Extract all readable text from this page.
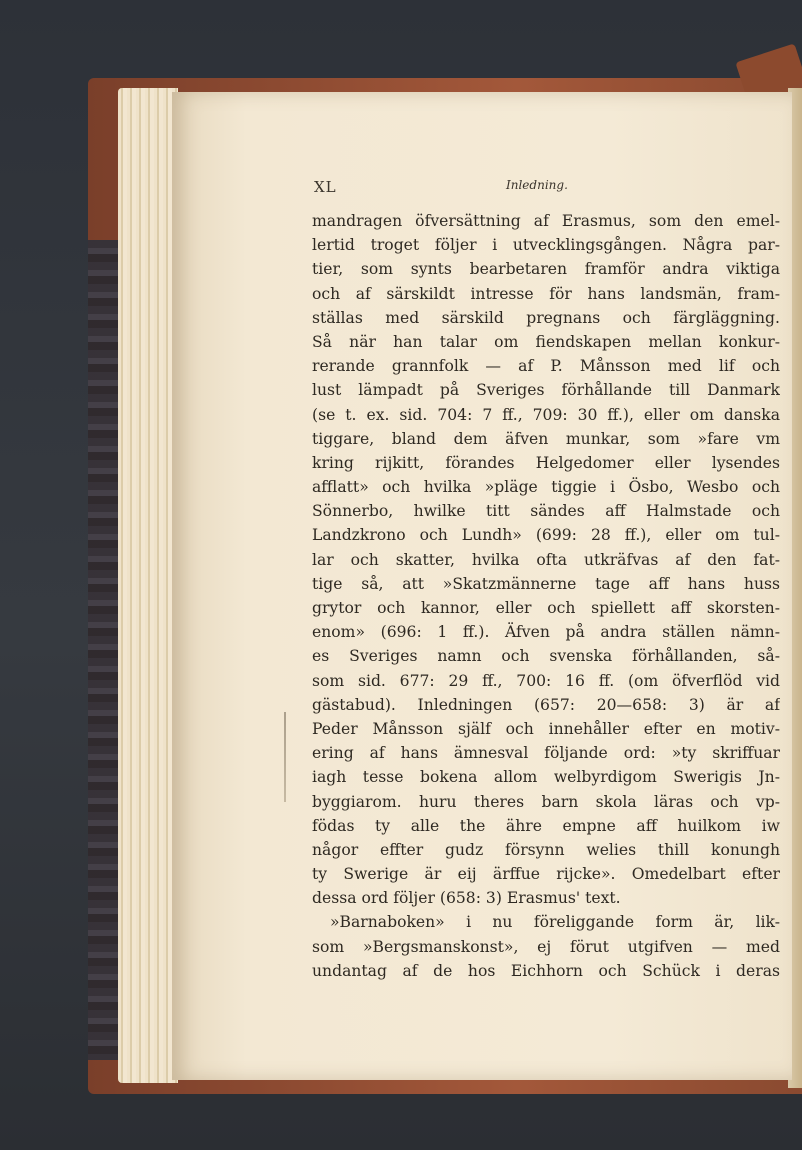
XL	Inledning.
mandragen öfversättning af Erasmus, som den emel-
lertid troget följer i utvecklingsgången. Några par-
tier, som synts bearbetaren framför andra viktiga
och af särskildt intresse för hans landsmän, fram-
ställas med särskild pregnans och färgläggning.
Så när han talar om fiendskapen mellan konkur-
rerande grannfolk — af P. Månsson med lif och
lust lämpadt på Sveriges förhållande till Danmark
(se t. ex. sid. 704: 7 ff., 709: 30 ff.), eller om danska
tiggare, bland dem äfven munkar, som »fare vm
kring rijkitt, förandes Helgedomer eller lysendes
afflatt» och hvilka »pläge tiggie i Ösbo, Wesbo och
Sönnerbo, hwilke titt sändes aff Halmstade och
Landzkrono och Lundh» (699: 28 ff.), eller om tul-
lar och skatter, hvilka ofta utkräfvas af den fat-
tige så, att »Skatzmännerne tage aff hans huss
grytor och kannor, eller och spiellett aff skorsten-
enom» (696: 1 ff.). Äfven på andra ställen nämn-
es Sveriges namn och svenska förhållanden, så-
som sid. 677: 29 ff., 700: 16 ff. (om öfverflöd vid
gästabud). Inledningen (657: 20—658: 3) är af
Peder Månsson själf och innehåller efter en motiv-
ering af hans ämnesval följande ord: »ty skriffuar
iagh tesse bokena allom welbyrdigom Swerigis Jn-
byggiarom. huru theres barn skola läras och vp-
födas ty alle the ähre empne aff huilkom iw
någor effter gudz försynn welies thill konungh
ty Swerige är eij ärffue rijcke». Omedelbart efter
dessa ord följer (658: 3) Erasmus' text.
»Barnaboken» i nu föreliggande form är, lik-
som »Bergsmanskonst», ej förut utgifven — med
undantag af de hos Eichhorn och Schück i deras
